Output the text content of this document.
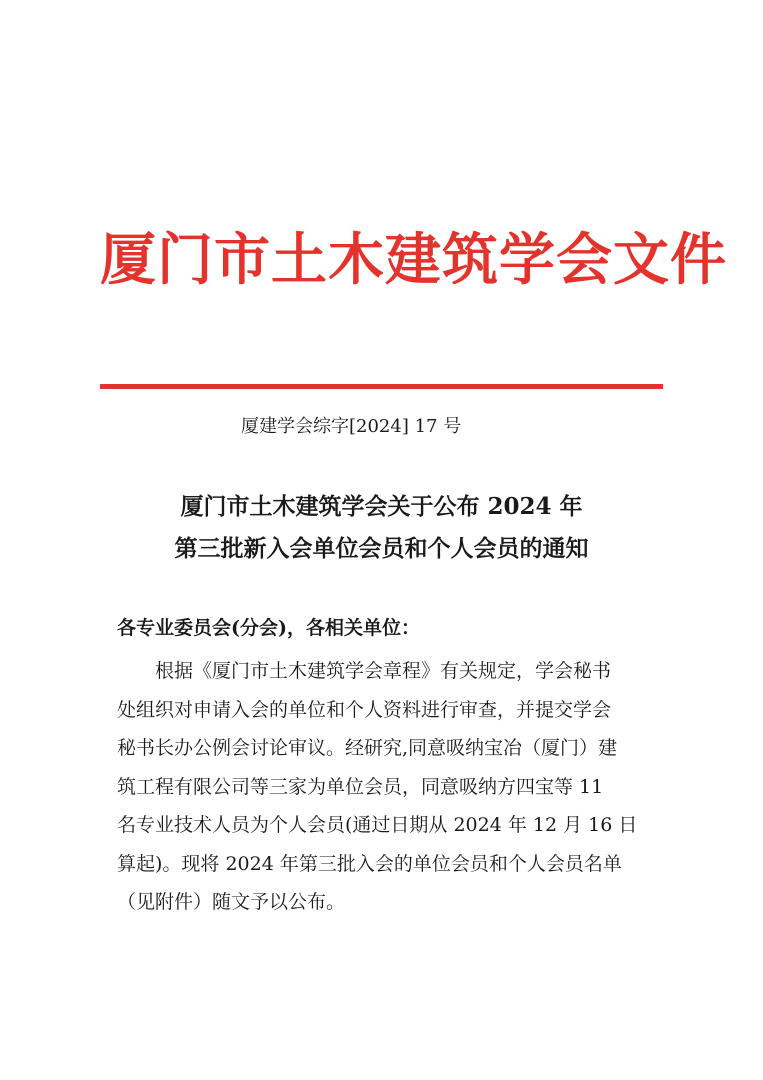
厦门市土木建筑学会文件
厦建学会综字[2024] 17 号
厦门市土木建筑学会关于公布 2024 年
第三批新入会单位会员和个人会员的通知
各专业委员会(分会)，各相关单位：
根据《厦门市土木建筑学会章程》有关规定，学会秘书
处组织对申请入会的单位和个人资料进行审查，并提交学会
秘书长办公例会讨论审议。经研究,同意吸纳宝冶（厦门）建
筑工程有限公司等三家为单位会员，同意吸纳方四宝等 11
名专业技术人员为个人会员(通过日期从 2024 年 12 月 16 日
算起)。现将 2024 年第三批入会的单位会员和个人会员名单
（见附件）随文予以公布。
